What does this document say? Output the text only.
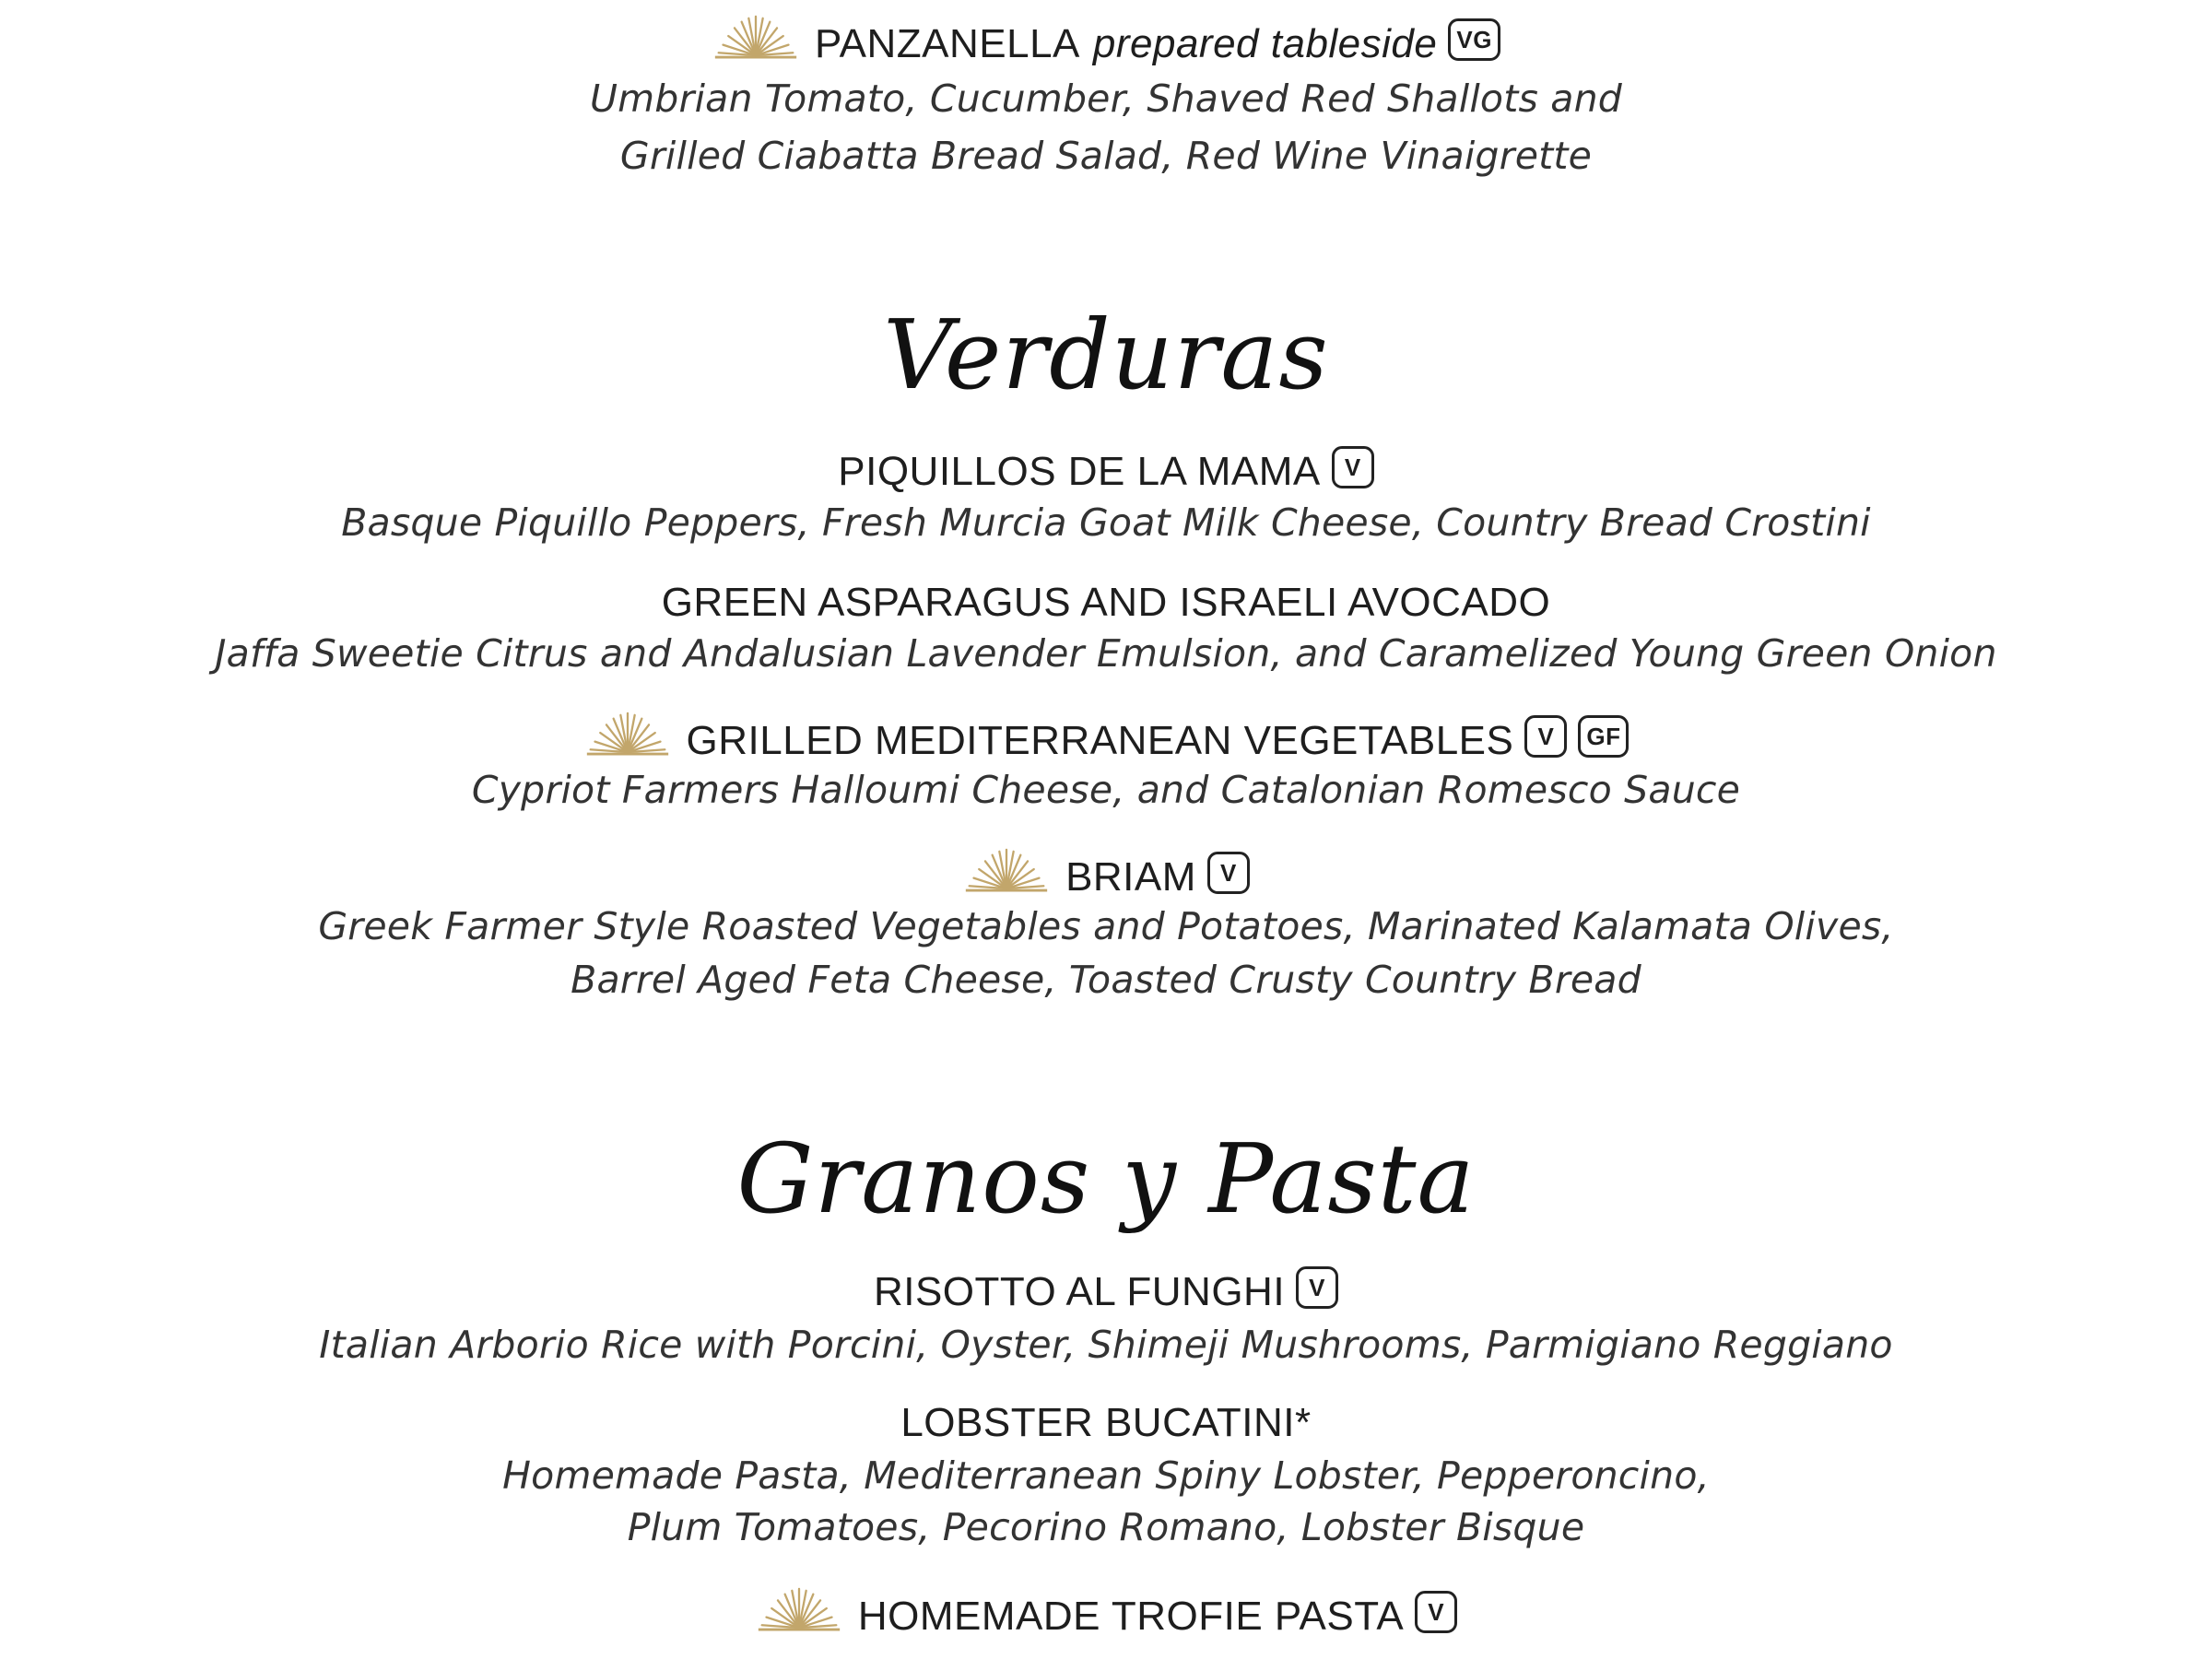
PANZANELLA prepared tableside VG
Umbrian Tomato, Cucumber, Shaved Red Shallots and
Grilled Ciabatta Bread Salad, Red Wine Vinaigrette
Verduras
PIQUILLOS DE LA MAMA V
Basque Piquillo Peppers, Fresh Murcia Goat Milk Cheese, Country Bread Crostini
GREEN ASPARAGUS AND ISRAELI AVOCADO
Jaffa Sweetie Citrus and Andalusian Lavender Emulsion, and Caramelized Young Green Onion
GRILLED MEDITERRANEAN VEGETABLES V GF
Cypriot Farmers Halloumi Cheese, and Catalonian Romesco Sauce
BRIAM V
Greek Farmer Style Roasted Vegetables and Potatoes, Marinated Kalamata Olives,
Barrel Aged Feta Cheese, Toasted Crusty Country Bread
Granos y Pasta
RISOTTO AL FUNGHI V
Italian Arborio Rice with Porcini, Oyster, Shimeji Mushrooms, Parmigiano Reggiano
LOBSTER BUCATINI*
Homemade Pasta, Mediterranean Spiny Lobster, Pepperoncino,
Plum Tomatoes, Pecorino Romano, Lobster Bisque
HOMEMADE TROFIE PASTA V
